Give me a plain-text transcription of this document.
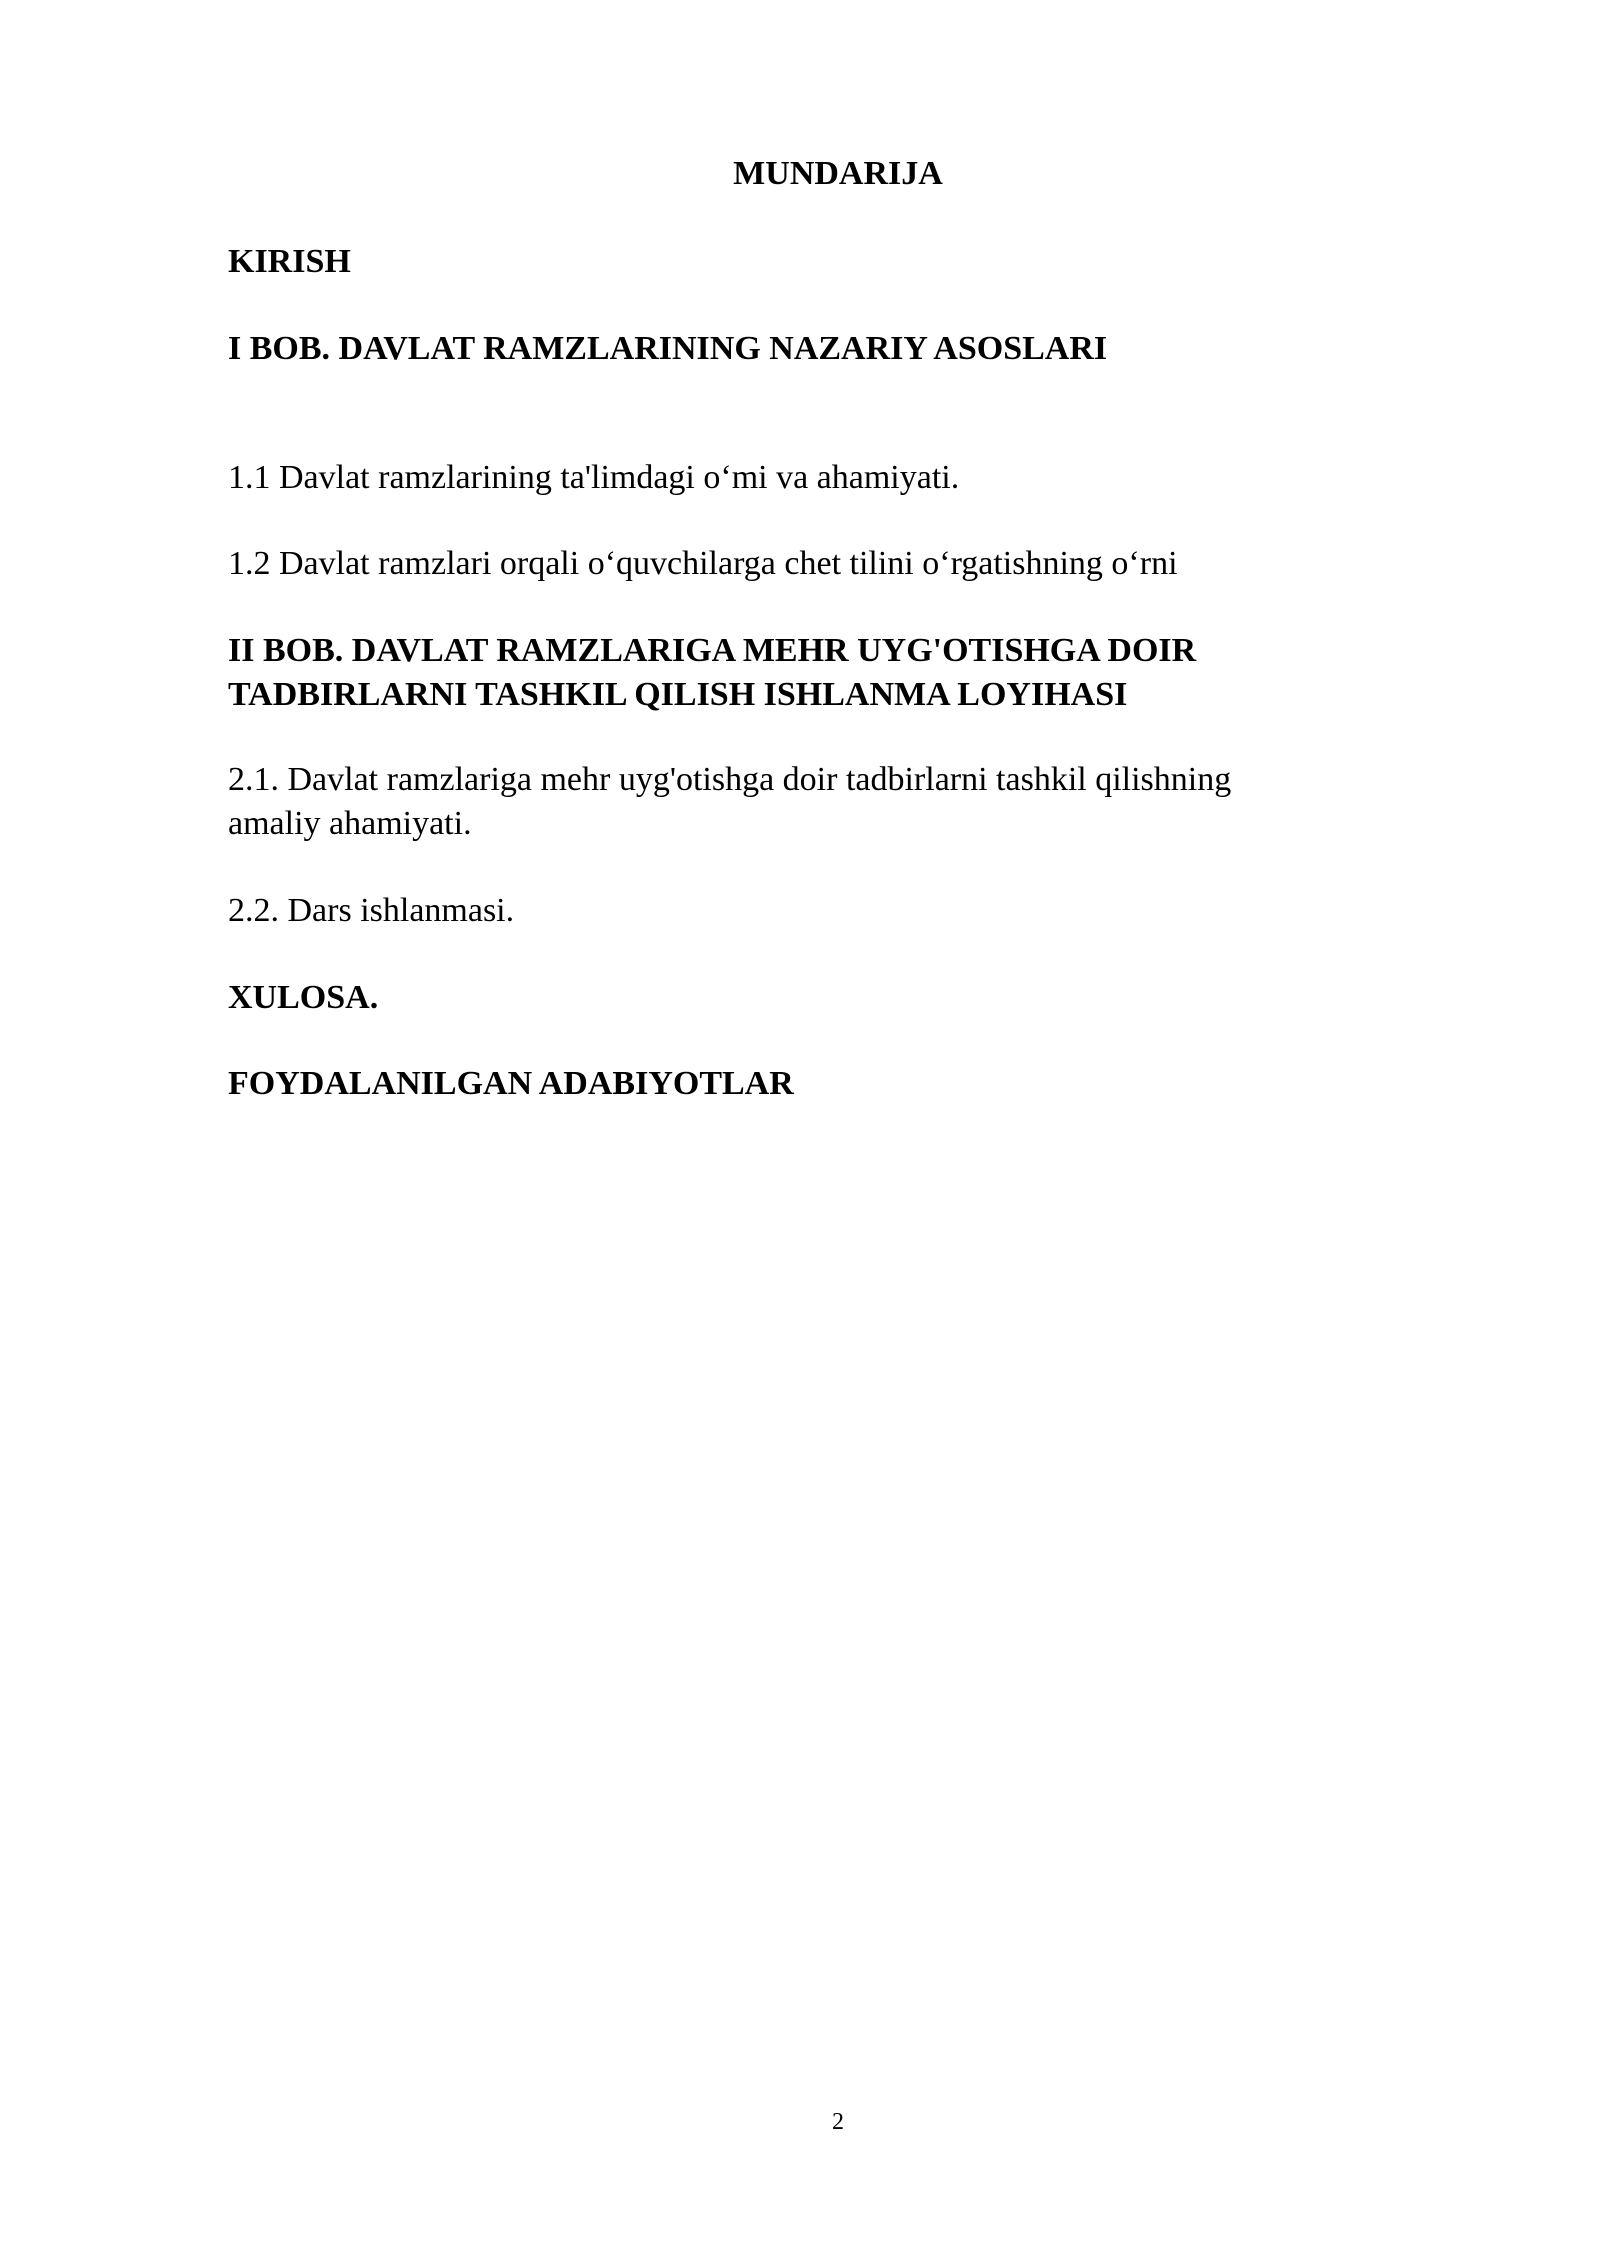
MUNDARIJA

KIRISH

I BOB. DAVLAT RAMZLARINING NAZARIY ASOSLARI

1.1 Davlat ramzlarining ta'limdagi o‘mi va ahamiyati.

1.2 Davlat ramzlari orqali o‘quvchilarga chet tilini o‘rgatishning o‘rni

II BOB. DAVLAT RAMZLARIGA MEHR UYG'OTISHGA DOIR
TADBIRLARNI TASHKIL QILISH ISHLANMA LOYIHASI
2.1. Davlat ramzlariga mehr uyg'otishga doir tadbirlarni tashkil qilishning
amaliy ahamiyati.

2.2. Dars ishlanmasi.

XULOSA.

FOYDALANILGAN ADABIYOTLAR

2
